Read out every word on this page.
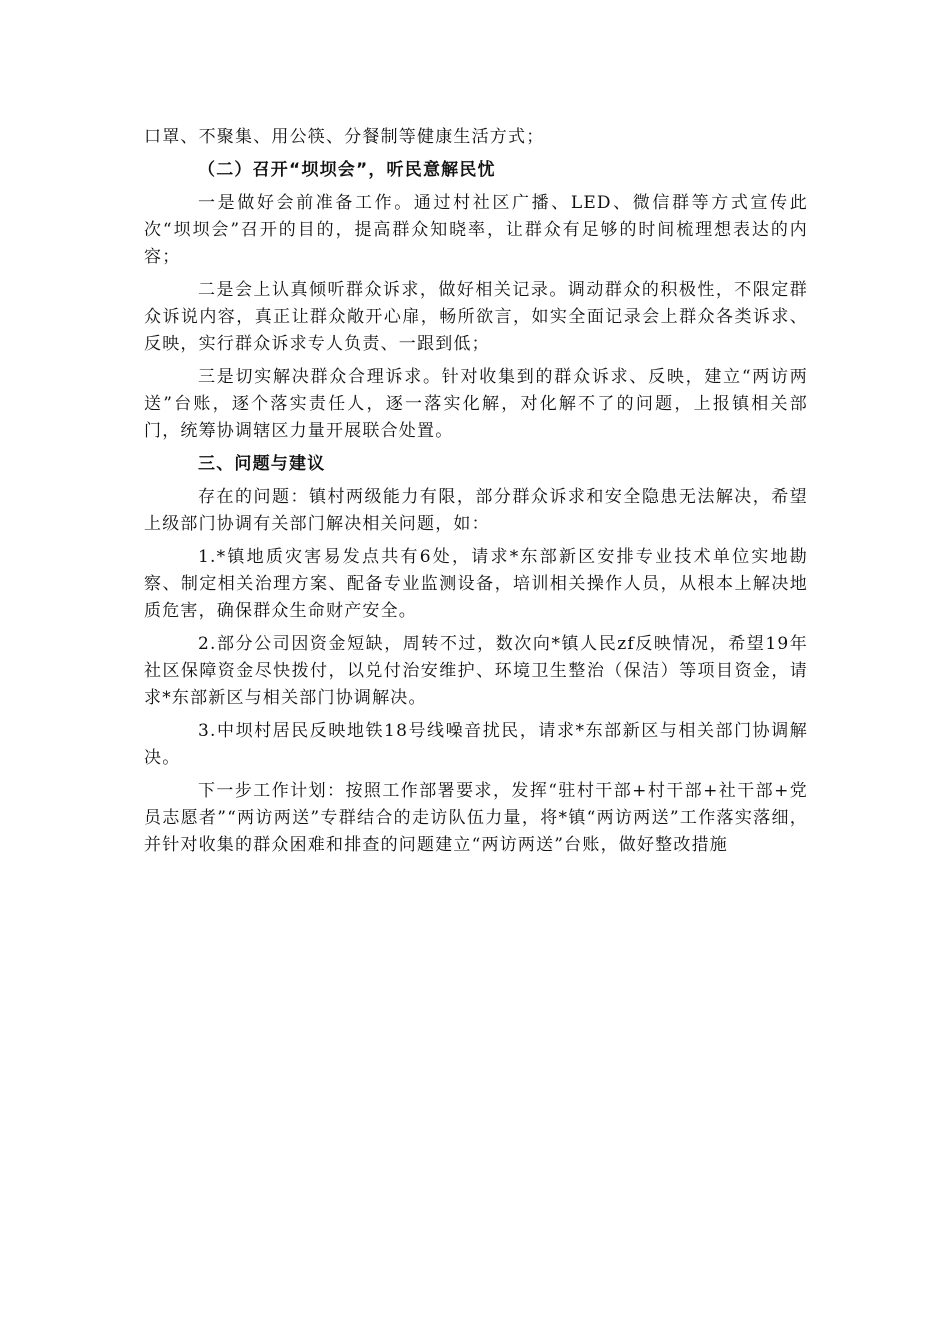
口罩、不聚集、用公筷、分餐制等健康生活方式；

（二）召开“坝坝会”，听民意解民忧

一是做好会前准备工作。通过村社区广播、LED、微信群等方式宣传此次“坝坝会”召开的目的，提高群众知晓率，让群众有足够的时间梳理想表达的内容；

二是会上认真倾听群众诉求，做好相关记录。调动群众的积极性，不限定群众诉说内容，真正让群众敞开心扉，畅所欲言，如实全面记录会上群众各类诉求、反映，实行群众诉求专人负责、一跟到低；

三是切实解决群众合理诉求。针对收集到的群众诉求、反映，建立“两访两送”台账，逐个落实责任人，逐一落实化解，对化解不了的问题，上报镇相关部门，统筹协调辖区力量开展联合处置。

三、问题与建议

存在的问题：镇村两级能力有限，部分群众诉求和安全隐患无法解决，希望上级部门协调有关部门解决相关问题，如：

1.*镇地质灾害易发点共有6处，请求*东部新区安排专业技术单位实地勘察、制定相关治理方案、配备专业监测设备，培训相关操作人员，从根本上解决地质危害，确保群众生命财产安全。

2.部分公司因资金短缺，周转不过，数次向*镇人民zf反映情况，希望19年社区保障资金尽快拨付，以兑付治安维护、环境卫生整治（保洁）等项目资金，请求*东部新区与相关部门协调解决。

3.中坝村居民反映地铁18号线噪音扰民，请求*东部新区与相关部门协调解决。

下一步工作计划：按照工作部署要求，发挥“驻村干部+村干部+社干部+党员志愿者”“两访两送”专群结合的走访队伍力量，将*镇“两访两送”工作落实落细，并针对收集的群众困难和排查的问题建立“两访两送”台账，做好整改措施
